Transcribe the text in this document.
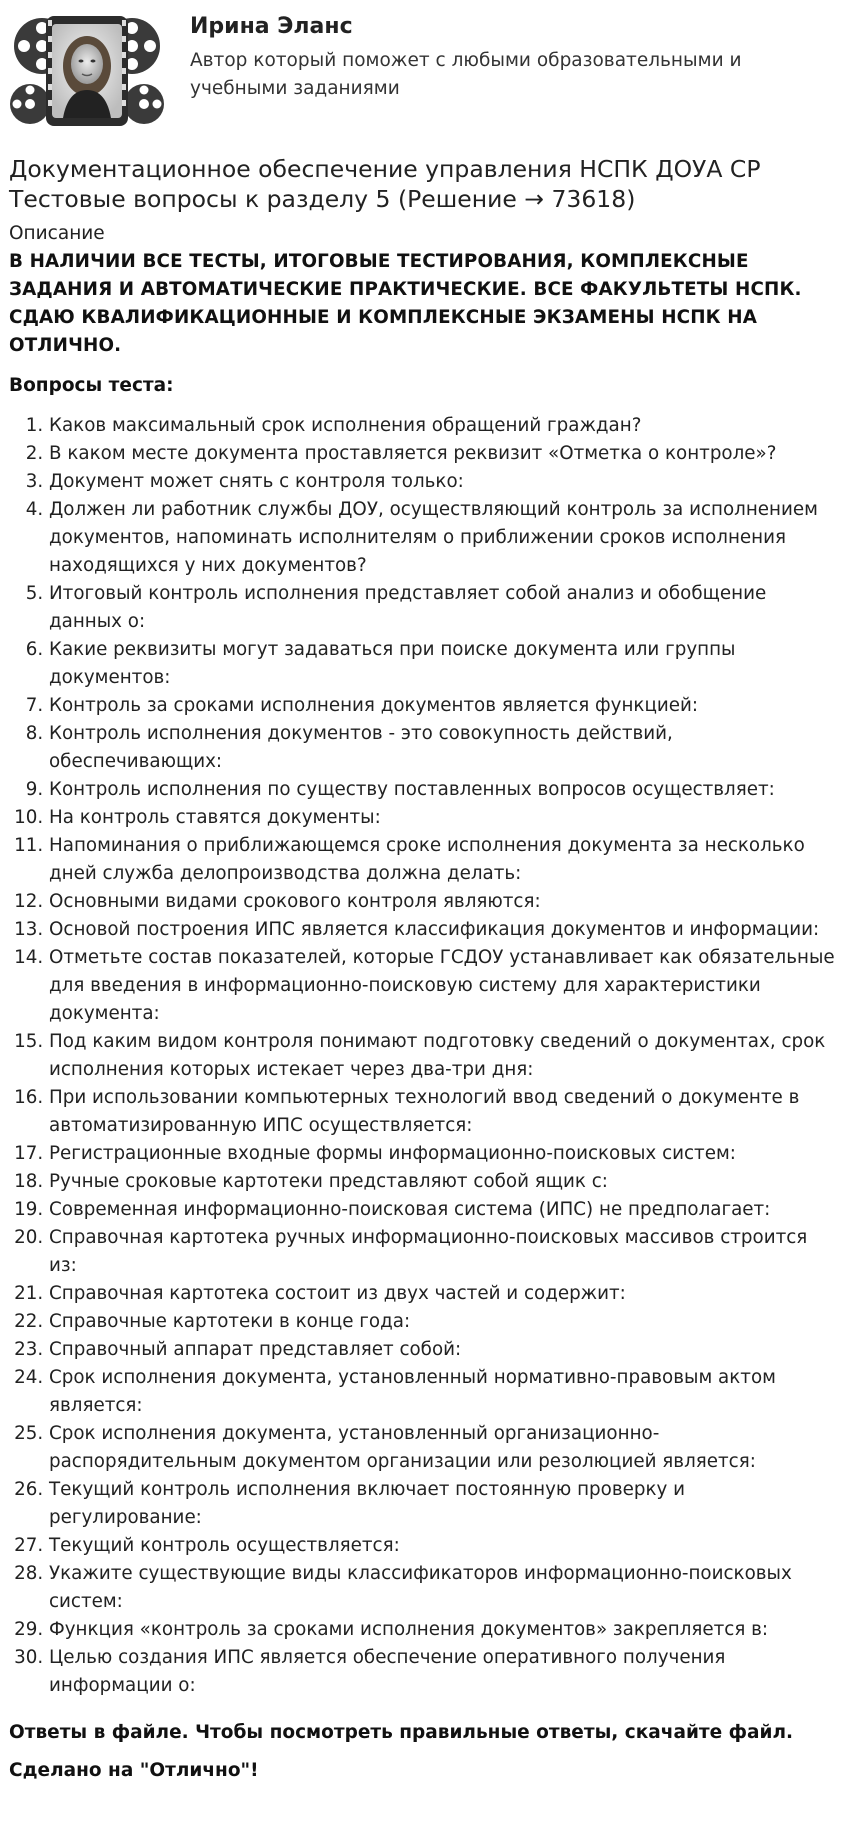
Ирина Эланс
Автор который поможет с любыми образовательными и учебными заданиями
Документационное обеспечение управления НСПК ДОУА СР Тестовые вопросы к разделу 5 (Решение → 73618)
Описание
В НАЛИЧИИ ВСЕ ТЕСТЫ, ИТОГОВЫЕ ТЕСТИРОВАНИЯ, КОМПЛЕКСНЫЕ ЗАДАНИЯ И АВТОМАТИЧЕСКИЕ ПРАКТИЧЕСКИЕ. ВСЕ ФАКУЛЬТЕТЫ НСПК. СДАЮ КВАЛИФИКАЦИОННЫЕ И КОМПЛЕКСНЫЕ ЭКЗАМЕНЫ НСПК НА ОТЛИЧНО.
Вопросы теста:
1. Каков максимальный срок исполнения обращений граждан?
2. В каком месте документа проставляется реквизит «Отметка о контроле»?
3. Документ может снять с контроля только:
4. Должен ли работник службы ДОУ, осуществляющий контроль за исполнением документов, напоминать исполнителям о приближении сроков исполнения находящихся у них документов?
5. Итоговый контроль исполнения представляет собой анализ и обобщение данных о:
6. Какие реквизиты могут задаваться при поиске документа или группы документов:
7. Контроль за сроками исполнения документов является функцией:
8. Контроль исполнения документов - это совокупность действий, обеспечивающих:
9. Контроль исполнения по существу поставленных вопросов осуществляет:
10. На контроль ставятся документы:
11. Напоминания о приближающемся сроке исполнения документа за несколько дней служба делопроизводства должна делать:
12. Основными видами срокового контроля являются:
13. Основой построения ИПС является классификация документов и информации:
14. Отметьте состав показателей, которые ГСДОУ устанавливает как обязательные для введения в информационно-поисковую систему для характеристики документа:
15. Под каким видом контроля понимают подготовку сведений о документах, срок исполнения которых истекает через два-три дня:
16. При использовании компьютерных технологий ввод сведений о документе в автоматизированную ИПС осуществляется:
17. Регистрационные входные формы информационно-поисковых систем:
18. Ручные сроковые картотеки представляют собой ящик с:
19. Современная информационно-поисковая система (ИПС) не предполагает:
20. Справочная картотека ручных информационно-поисковых массивов строится из:
21. Справочная картотека состоит из двух частей и содержит:
22. Справочные картотеки в конце года:
23. Справочный аппарат представляет собой:
24. Срок исполнения документа, установленный нормативно-правовым актом является:
25. Срок исполнения документа, установленный организационно-распорядительным документом организации или резолюцией является:
26. Текущий контроль исполнения включает постоянную проверку и регулирование:
27. Текущий контроль осуществляется:
28. Укажите существующие виды классификаторов информационно-поисковых систем:
29. Функция «контроль за сроками исполнения документов» закрепляется в:
30. Целью создания ИПС является обеспечение оперативного получения информации о:
Ответы в файле. Чтобы посмотреть правильные ответы, скачайте файл.
Сделано на "Отлично"!
